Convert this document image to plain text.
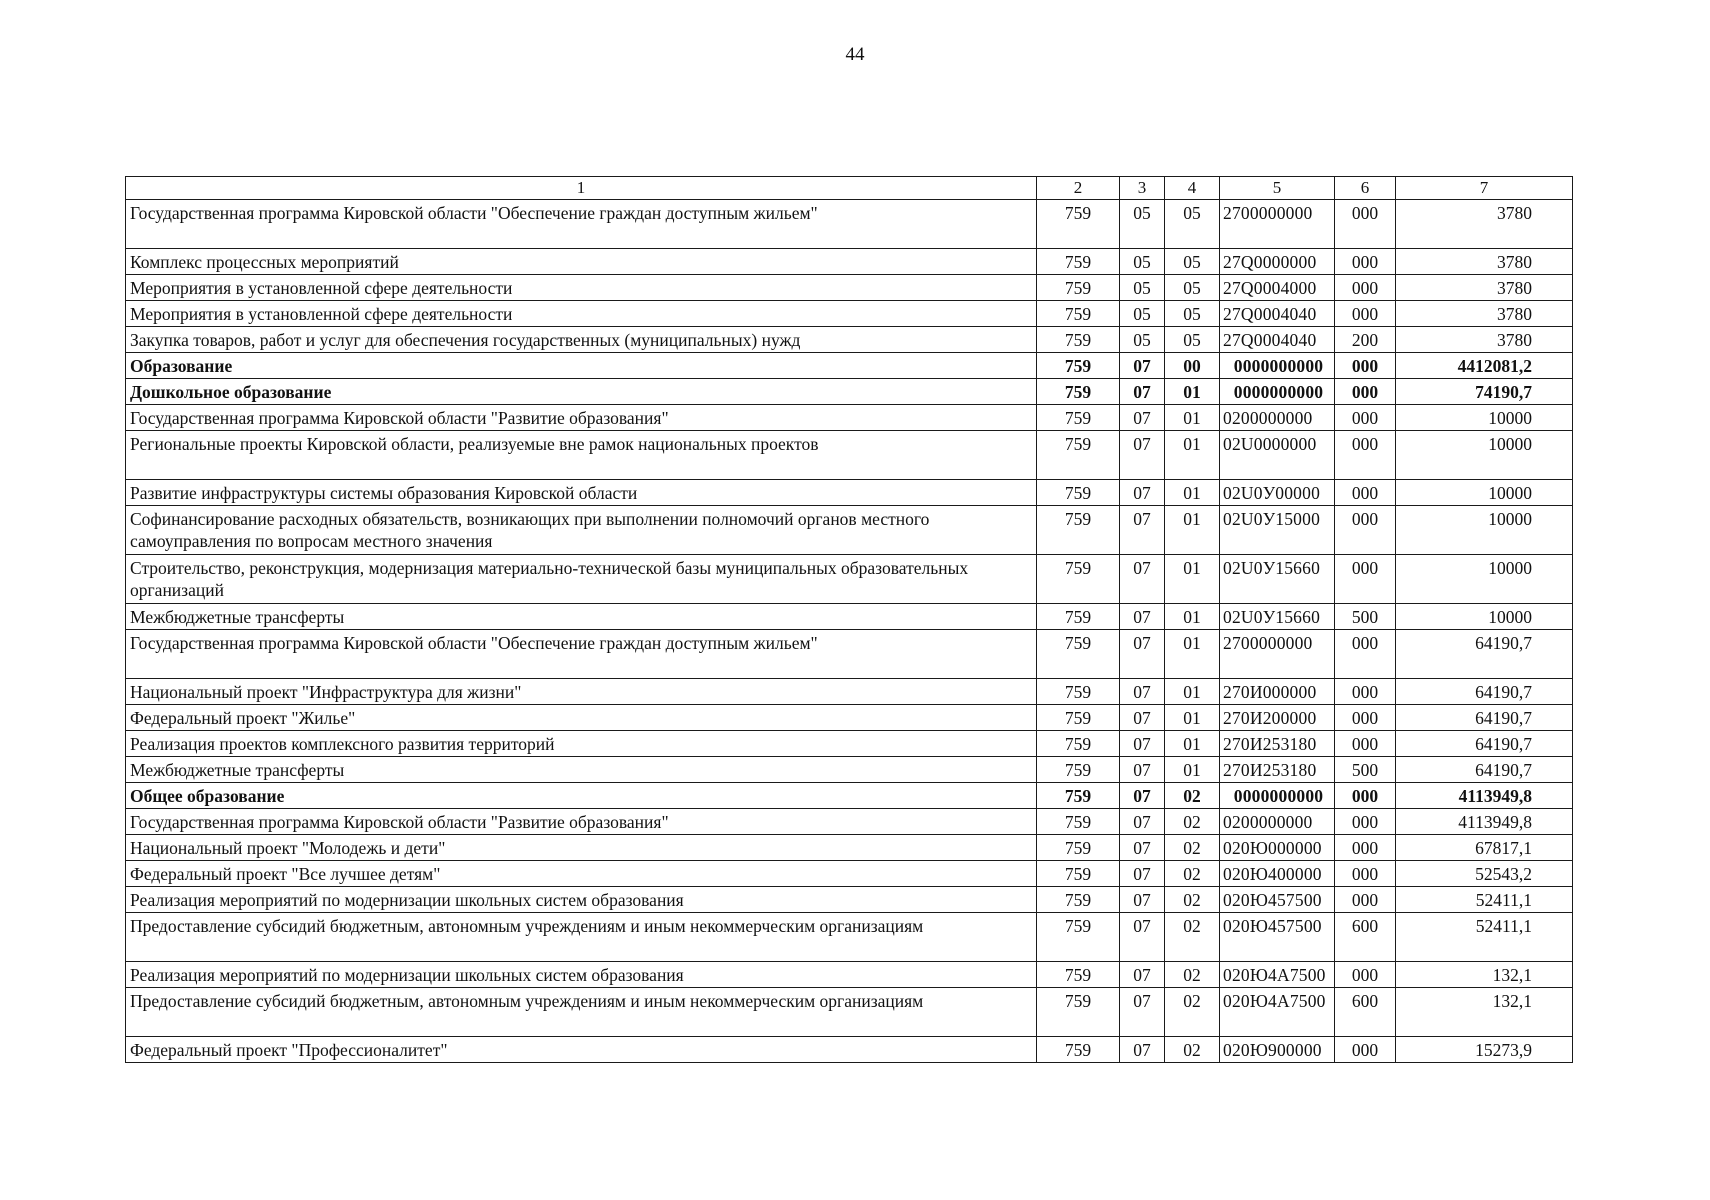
44
1	2	3	4	5	6	7
Государственная программа Кировской области "Обеспечение граждан доступным жильем"	759	05	05	2700000000	000	3780
Комплекс процессных мероприятий	759	05	05	27Q0000000	000	3780
Мероприятия в установленной сфере деятельности	759	05	05	27Q0004000	000	3780
Мероприятия в установленной сфере деятельности	759	05	05	27Q0004040	000	3780
Закупка товаров, работ и услуг для обеспечения государственных (муниципальных) нужд	759	05	05	27Q0004040	200	3780
Образование	759	07	00	0000000000	000	4412081,2
Дошкольное образование	759	07	01	0000000000	000	74190,7
Государственная программа Кировской области "Развитие образования"	759	07	01	0200000000	000	10000
Региональные проекты Кировской области, реализуемые вне рамок национальных проектов	759	07	01	02U0000000	000	10000
Развитие инфраструктуры системы образования Кировской области	759	07	01	02U0У00000	000	10000
Софинансирование расходных обязательств, возникающих при выполнении полномочий органов местного самоуправления по вопросам местного значения	759	07	01	02U0У15000	000	10000
Строительство, реконструкция, модернизация материально-технической базы муниципальных образовательных организаций	759	07	01	02U0У15660	000	10000
Межбюджетные трансферты	759	07	01	02U0У15660	500	10000
Государственная программа Кировской области "Обеспечение граждан доступным жильем"	759	07	01	2700000000	000	64190,7
Национальный проект "Инфраструктура для жизни"	759	07	01	270И000000	000	64190,7
Федеральный проект "Жилье"	759	07	01	270И200000	000	64190,7
Реализация проектов комплексного развития территорий	759	07	01	270И253180	000	64190,7
Межбюджетные трансферты	759	07	01	270И253180	500	64190,7
Общее образование	759	07	02	0000000000	000	4113949,8
Государственная программа Кировской области "Развитие образования"	759	07	02	0200000000	000	4113949,8
Национальный проект "Молодежь и дети"	759	07	02	020Ю000000	000	67817,1
Федеральный проект "Все лучшее детям"	759	07	02	020Ю400000	000	52543,2
Реализация мероприятий по модернизации школьных систем образования	759	07	02	020Ю457500	000	52411,1
Предоставление субсидий бюджетным, автономным учреждениям и иным некоммерческим организациям	759	07	02	020Ю457500	600	52411,1
Реализация мероприятий по модернизации школьных систем образования	759	07	02	020Ю4А7500	000	132,1
Предоставление субсидий бюджетным, автономным учреждениям и иным некоммерческим организациям	759	07	02	020Ю4А7500	600	132,1
Федеральный проект "Профессионалитет"	759	07	02	020Ю900000	000	15273,9
